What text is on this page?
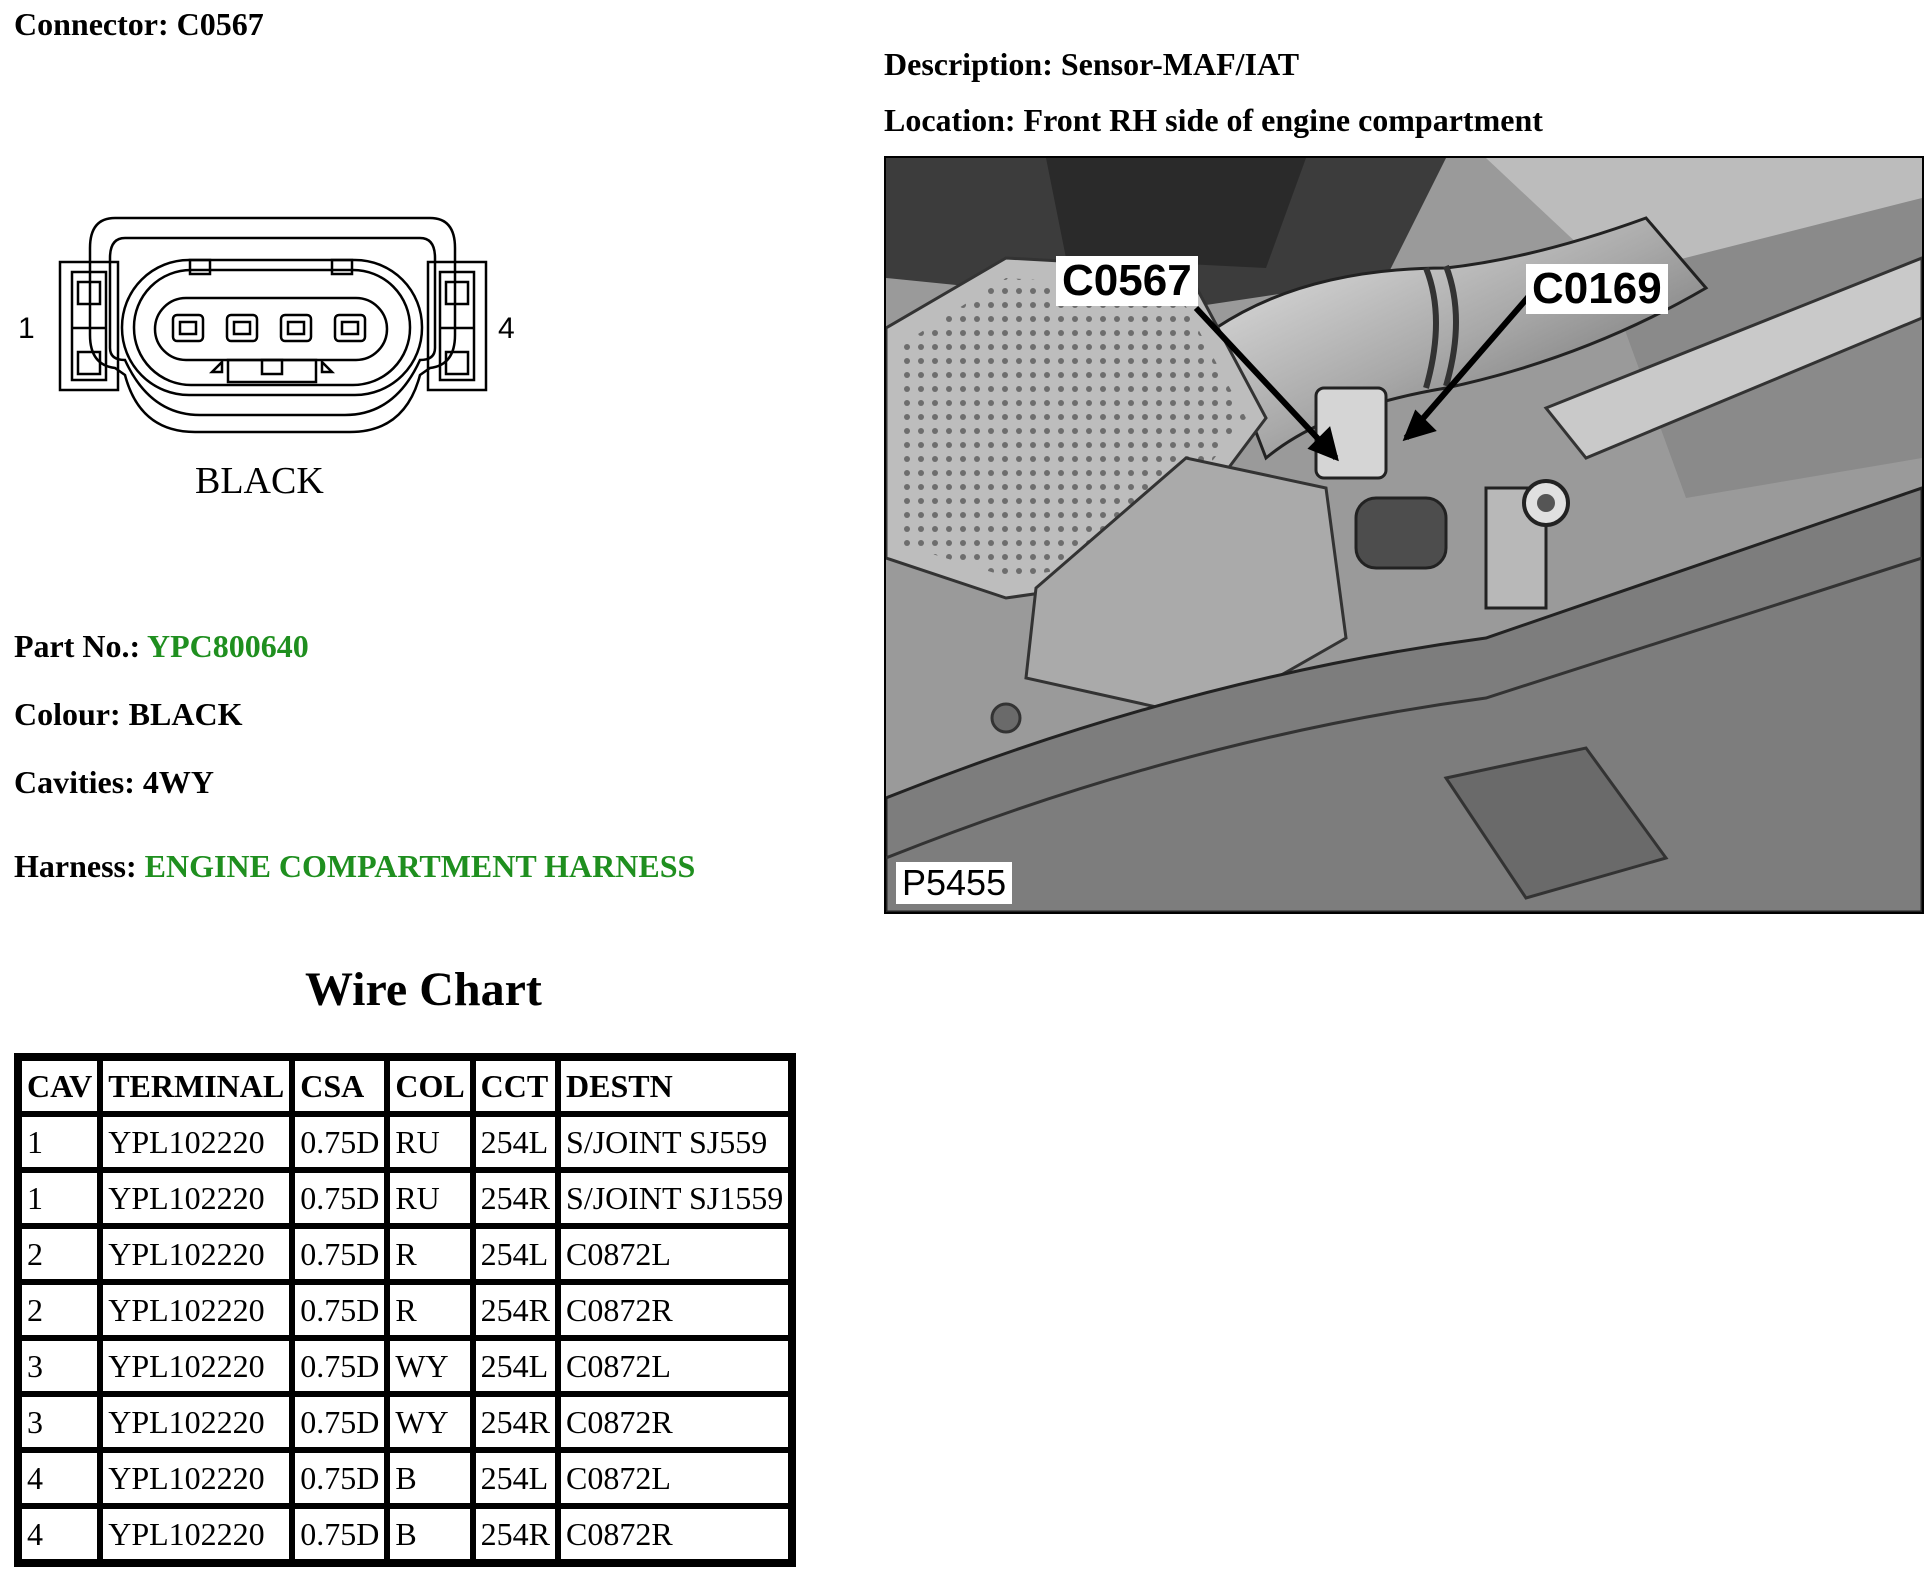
Connector: C0567
Description: Sensor-MAF/IAT
Location: Front RH side of engine compartment
1	4
BLACK
C0567	C0169
P5455
Part No.: YPC800640
Colour: BLACK
Cavities: 4WY
Harness: ENGINE COMPARTMENT HARNESS
Wire Chart
CAV	TERMINAL	CSA	COL	CCT	DESTN
1	YPL102220	0.75D	RU	254L	S/JOINT SJ559
1	YPL102220	0.75D	RU	254R	S/JOINT SJ1559
2	YPL102220	0.75D	R	254L	C0872L
2	YPL102220	0.75D	R	254R	C0872R
3	YPL102220	0.75D	WY	254L	C0872L
3	YPL102220	0.75D	WY	254R	C0872R
4	YPL102220	0.75D	B	254L	C0872L
4	YPL102220	0.75D	B	254R	C0872R
